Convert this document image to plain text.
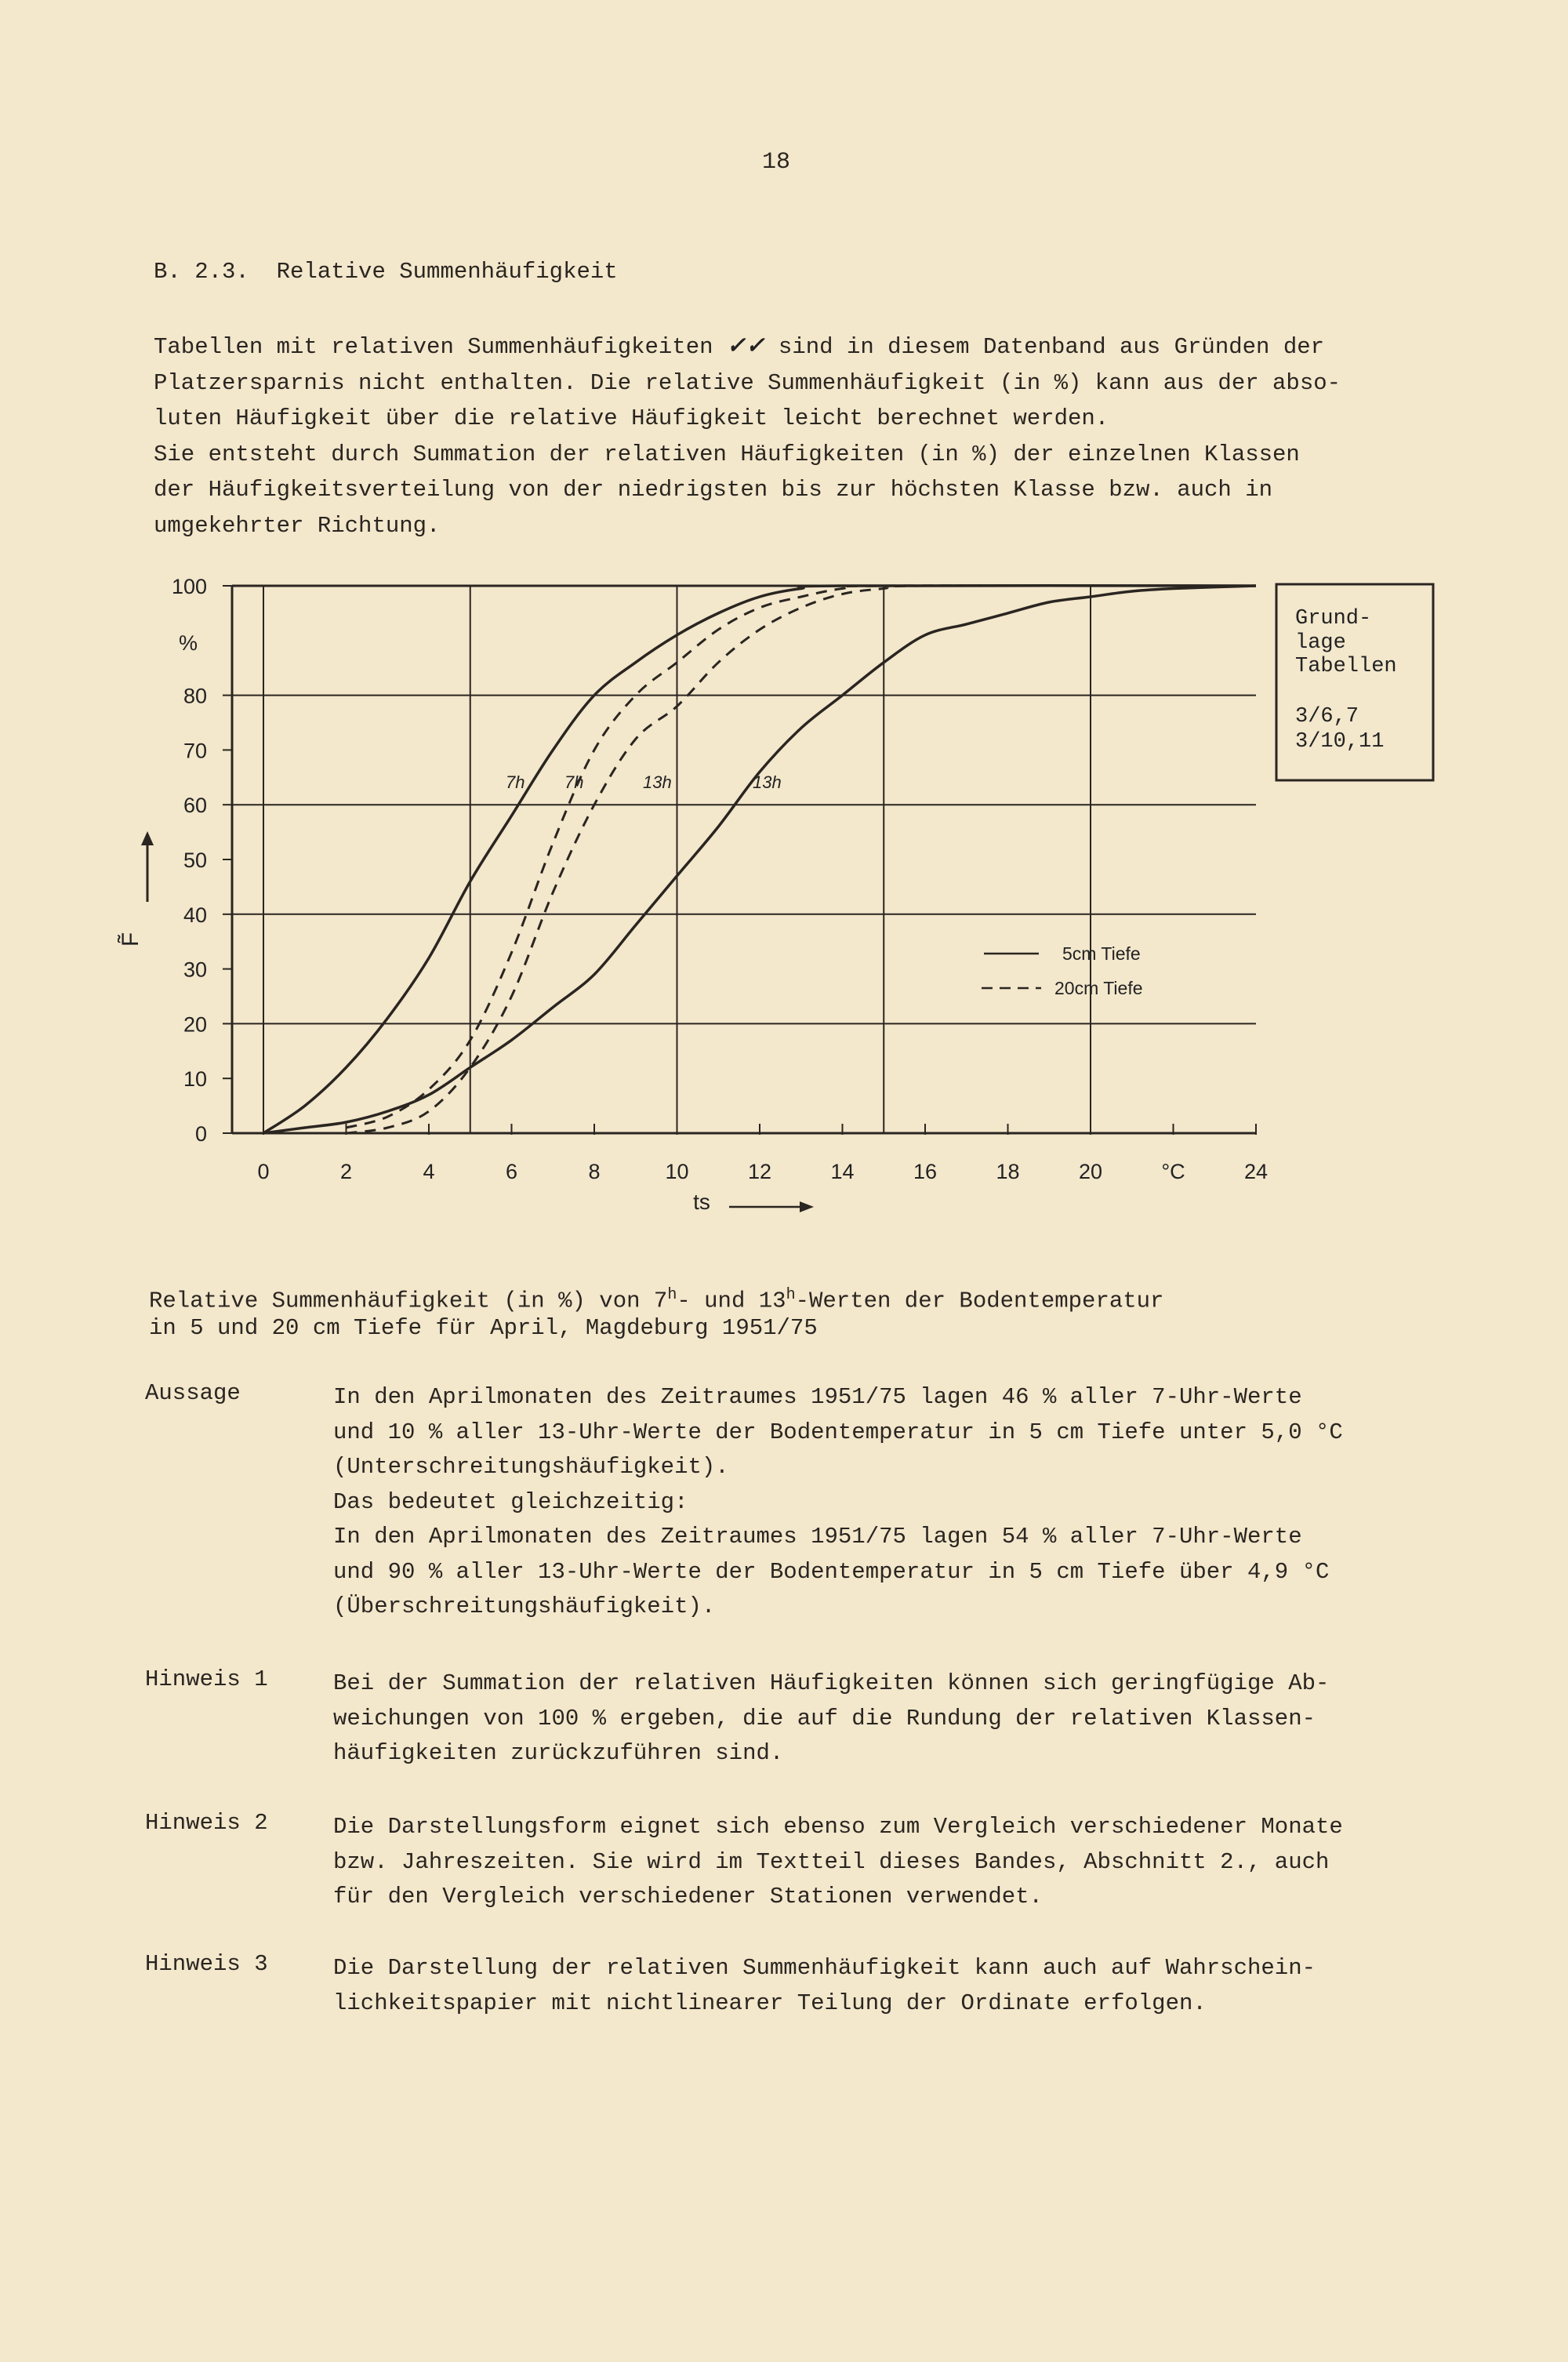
18
B. 2.3.  Relative Summenhäufigkeit
Tabellen mit relativen Summenhäufigkeiten ✓✓ sind in diesem Datenband aus Gründen der
Platzersparnis nicht enthalten. Die relative Summenhäufigkeit (in %) kann aus der abso-
luten Häufigkeit über die relative Häufigkeit leicht berechnet werden.
Sie entsteht durch Summation der relativen Häufigkeiten (in %) der einzelnen Klassen
der Häufigkeitsverteilung von der niedrigsten bis zur höchsten Klasse bzw. auch in
umgekehrter Richtung.
0
10
20
30
40
50
60
70
80
100
%
F̃
0	2	4	6	8	10	12	14	16	18	20	°C	24
ts
7h 7h	13h	13h
5cm Tiefe
20cm Tiefe
Grund-
lage
Tabellen
3/6,7
3/10,11
Relative Summenhäufigkeit (in %) von 7$^h$- und 13$^h$-Werten der Bodentemperatur
in 5 und 20 cm Tiefe für April, Magdeburg 1951/75
Aussage	In den Aprilmonaten des Zeitraumes 1951/75 lagen 46 % aller 7-Uhr-Werte
und 10 % aller 13-Uhr-Werte der Bodentemperatur in 5 cm Tiefe unter 5,0 °C
(Unterschreitungshäufigkeit).
Das bedeutet gleichzeitig:
In den Aprilmonaten des Zeitraumes 1951/75 lagen 54 % aller 7-Uhr-Werte
und 90 % aller 13-Uhr-Werte der Bodentemperatur in 5 cm Tiefe über 4,9 °C
(Überschreitungshäufigkeit).
Hinweis 1	Bei der Summation der relativen Häufigkeiten können sich geringfügige Ab-
weichungen von 100 % ergeben, die auf die Rundung der relativen Klassen-
häufigkeiten zurückzuführen sind.
Hinweis 2	Die Darstellungsform eignet sich ebenso zum Vergleich verschiedener Monate
bzw. Jahreszeiten. Sie wird im Textteil dieses Bandes, Abschnitt 2., auch
für den Vergleich verschiedener Stationen verwendet.
Hinweis 3	Die Darstellung der relativen Summenhäufigkeit kann auch auf Wahrschein-
lichkeitspapier mit nichtlinearer Teilung der Ordinate erfolgen.
